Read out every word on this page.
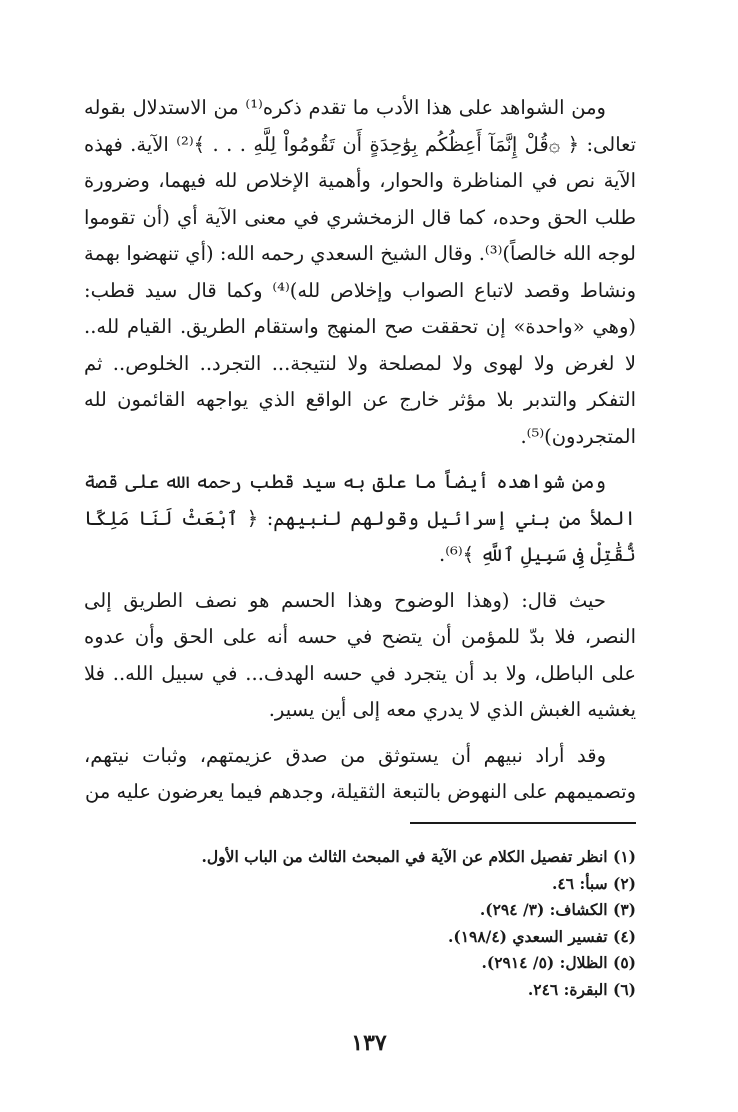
ومن الشواهد على هذا الأدب ما تقدم ذكره⁽¹⁾ من الاستدلال بقوله تعالى: ﴿ ۞قُلْ إِنَّمَآ أَعِظُكُم بِوَٰحِدَةٍ أَن تَقُومُواْ لِلَّهِ . . . ﴾⁽²⁾ الآية. فهذه الآية نص في المناظرة والحوار، وأهمية الإخلاص لله فيهما، وضرورة طلب الحق وحده، كما قال الزمخشري في معنى الآية أي (أن تقوموا لوجه الله خالصاً)⁽³⁾. وقال الشيخ السعدي رحمه الله: (أي تنهضوا بهمة ونشاط وقصد لاتباع الصواب وإخلاص لله)⁽⁴⁾ وكما قال سيد قطب: (وهي «واحدة» إن تحققت صح المنهج واستقام الطريق. القيام لله.. لا لغرض ولا لهوى ولا لمصلحة ولا لنتيجة... التجرد.. الخلوص.. ثم التفكر والتدبر بلا مؤثر خارج عن الواقع الذي يواجهه القائمون لله المتجردون)⁽⁵⁾.

ومن شواهده أيضاً ما علق به سيد قطب رحمه الله على قصة الملأ من بني إسرائيل وقولهم لنبيهم: ﴿ ٱبْعَثْ لَنَا مَلِكًا نُّقَٰتِلْ فِى سَبِيلِ ٱللَّهِ ﴾⁽⁶⁾.

حيث قال: (وهذا الوضوح وهذا الحسم هو نصف الطريق إلى النصر، فلا بدّ للمؤمن أن يتضح في حسه أنه على الحق وأن عدوه على الباطل، ولا بد أن يتجرد في حسه الهدف... في سبيل الله.. فلا يغشيه الغبش الذي لا يدري معه إلى أين يسير.

وقد أراد نبيهم أن يستوثق من صدق عزيمتهم، وثبات نيتهم، وتصميمهم على النهوض بالتبعة الثقيلة، وجدهم فيما يعرضون عليه من

(١) انظر تفصيل الكلام عن الآية في المبحث الثالث من الباب الأول.
(٢) سبأ: ٤٦.
(٣) الكشاف: (٣/ ٢٩٤).
(٤) تفسير السعدي (١٩٨/٤).
(٥) الظلال: (٥/ ٢٩١٤).
(٦) البقرة: ٢٤٦.
١٣٧
